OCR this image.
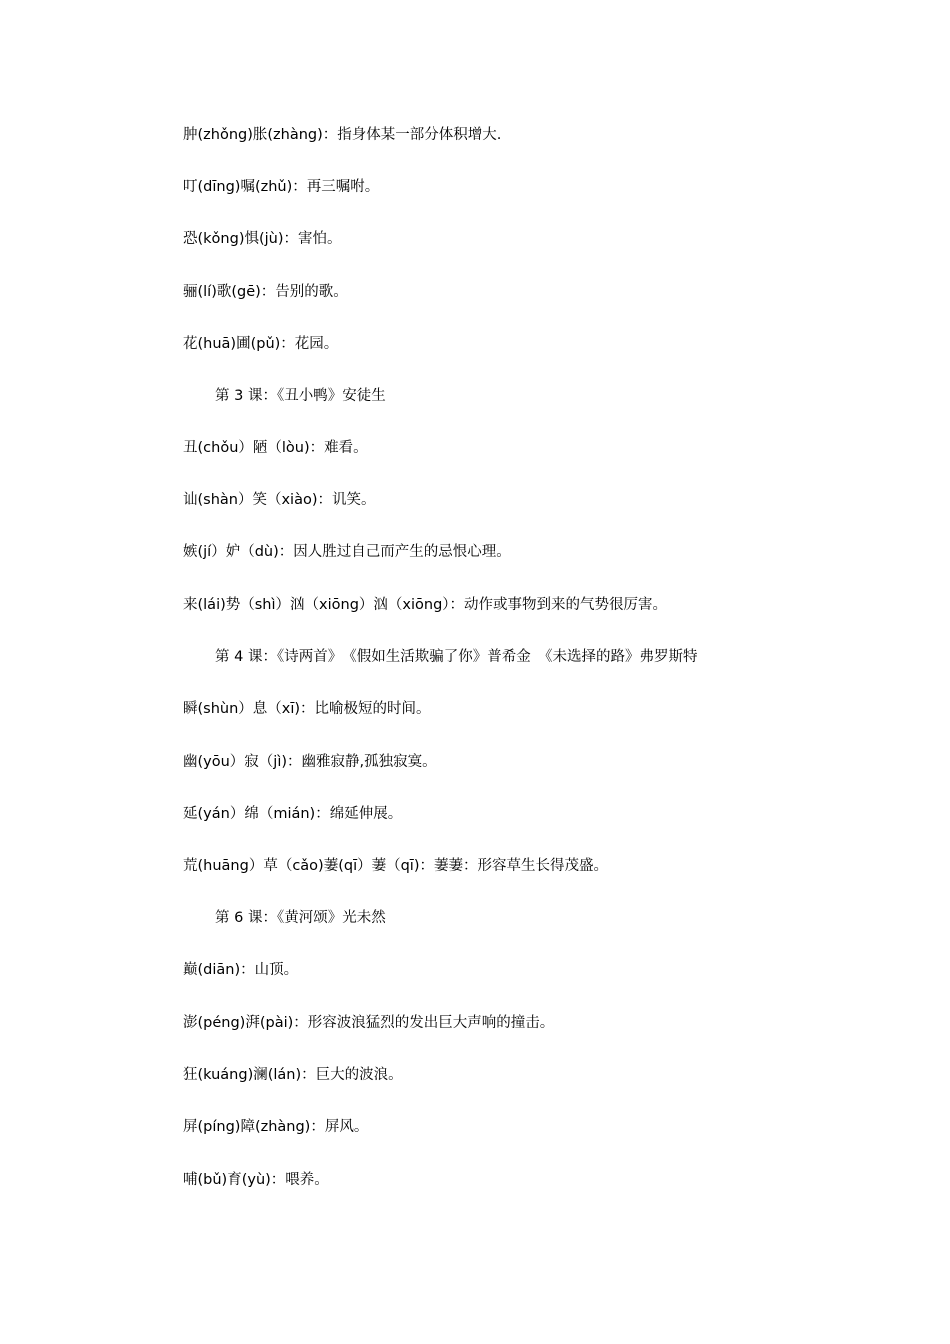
肿(zhǒng)胀(zhàng)：指身体某一部分体积增大.
叮(dīng)嘱(zhǔ)：再三嘱咐。
恐(kǒng)惧(jù)：害怕。
骊(lí)歌(gē)：告别的歌。
花(huā)圃(pǔ)：花园。
第 3 课：《丑小鸭》安徒生
丑(chǒu）陋（lòu)：难看。
讪(shàn）笑（xiào)：讥笑。
嫉(jí）妒（dù)：因人胜过自己而产生的忌恨心理。
来(lái)势（shì）汹（xiōng）汹（xiōng）：动作或事物到来的气势很厉害。
第 4 课：《诗两首》　《假如生活欺骗了你》普希金　《未选择的路》弗罗斯特
瞬(shùn）息（xī)：比喻极短的时间。
幽(yōu）寂（jì)：幽雅寂静,孤独寂寞。
延(yán）绵（mián)：绵延伸展。
荒(huāng）草（cǎo)萋(qī）萋（qī)：萋萋：形容草生长得茂盛。
第 6 课：《黄河颂》光未然
巅(diān)：山顶。
澎(péng)湃(pài)：形容波浪猛烈的发出巨大声响的撞击。
狂(kuáng)澜(lán)：巨大的波浪。
屏(píng)障(zhàng)：屏风。
哺(bǔ)育(yù)：喂养。
